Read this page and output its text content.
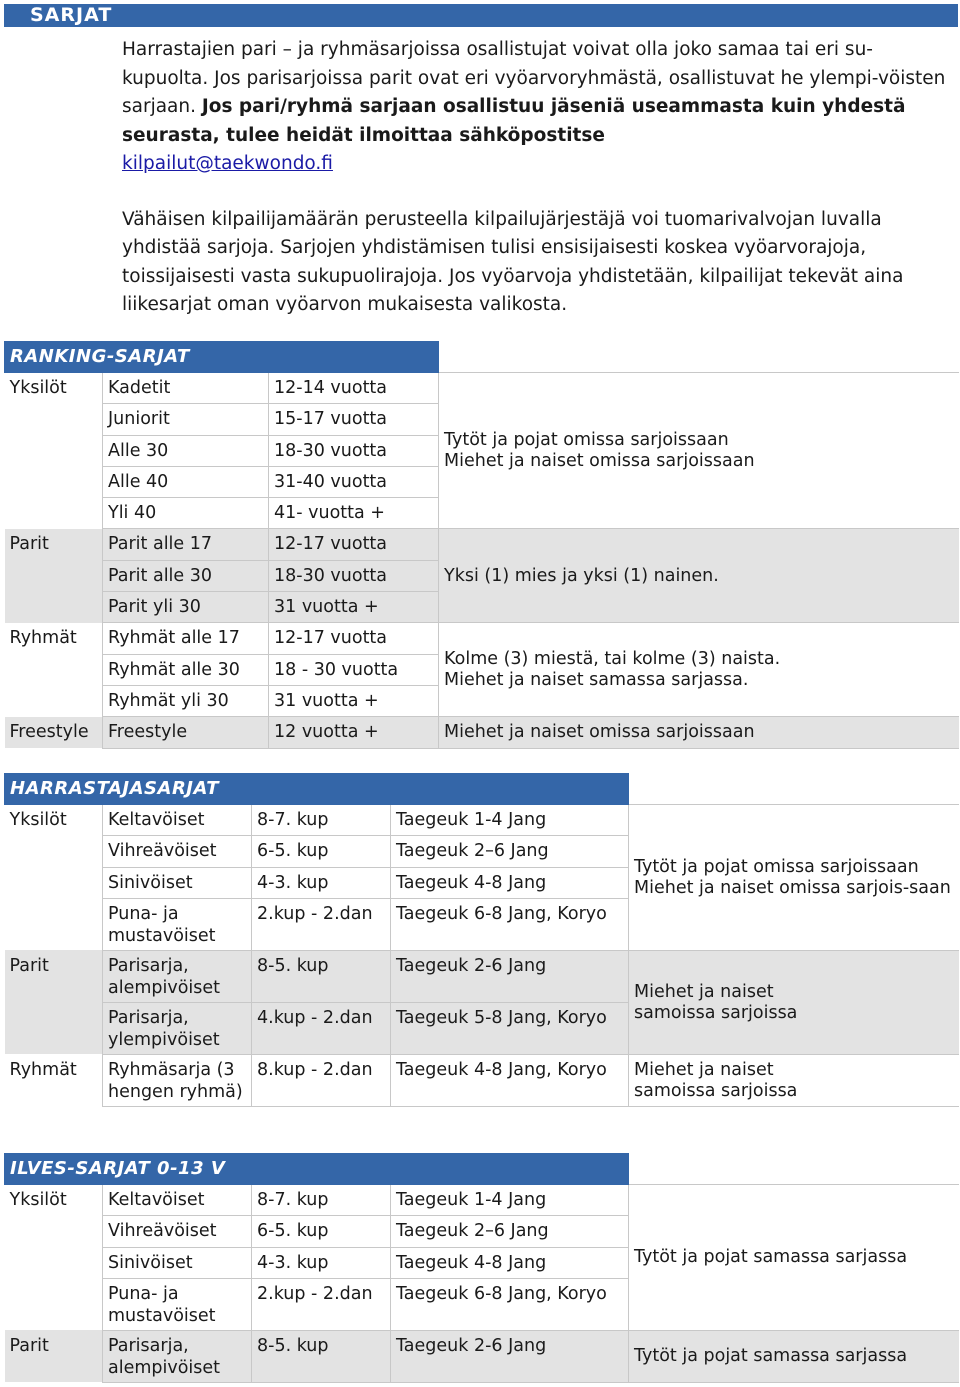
SARJAT

Harrastajien pari – ja ryhmäsarjoissa osallistujat voivat olla joko samaa tai eri su-kupuolta. Jos parisarjoissa parit ovat eri vyöarvoryhmästä, osallistuvat he ylempi-vöisten sarjaan. Jos pari/ryhmä sarjaan osallistuu jäseniä useammasta kuin yhdestä seurasta, tulee heidät ilmoittaa sähköpostitse
kilpailut@taekwondo.fi

Vähäisen kilpailijamäärän perusteella kilpailujärjestäjä voi tuomarivalvojan luvalla yhdistää sarjoja. Sarjojen yhdistämisen tulisi ensisijaisesti koskea vyöarvorajoja, toissijaisesti vasta sukupuolirajoja. Jos vyöarvoja yhdistetään, kilpailijat tekevät aina liikesarjat oman vyöarvon mukaisesta valikosta.

RANKING-SARJAT			
Yksilöt	Kadetit	12-14 vuotta	Tytöt ja pojat omissa sarjoissaan
Miehet ja naiset omissa sarjoissaan
	Juniorit	15-17 vuotta	
	Alle 30	18-30 vuotta	
	Alle 40	31-40 vuotta	
	Yli 40	41- vuotta +	
Parit	Parit alle 17	12-17 vuotta	Yksi (1) mies ja yksi (1) nainen.
	Parit alle 30	18-30 vuotta	
	Parit yli 30	31 vuotta +	
Ryhmät	Ryhmät alle 17	12-17 vuotta	Kolme (3) miestä, tai kolme (3) naista.
Miehet ja naiset samassa sarjassa.
	Ryhmät alle 30	18 - 30 vuotta	
	Ryhmät yli 30	31 vuotta +	
Freestyle	Freestyle	12 vuotta +	Miehet ja naiset omissa sarjoissaan
HARRASTAJASARJAT				
Yksilöt	Keltavöiset	8-7. kup	Taegeuk 1-4 Jang	Tytöt ja pojat omissa sarjoissaan
Miehet ja naiset omissa sarjois-saan
	Vihreävöiset	6-5. kup	Taegeuk 2–6 Jang	
	Sinivöiset	4-3. kup	Taegeuk 4-8 Jang	
	Puna- ja mustavöiset	2.kup - 2.dan	Taegeuk 6-8 Jang, Koryo	
Parit	Parisarja, alempivöiset	8-5. kup	Taegeuk 2-6 Jang	Miehet ja naiset
samoissa sarjoissa
	Parisarja, ylempivöiset	4.kup - 2.dan	Taegeuk 5-8 Jang, Koryo	
Ryhmät	Ryhmäsarja (3 hengen ryhmä)	8.kup - 2.dan	Taegeuk 4-8 Jang, Koryo	Miehet ja naiset
samoissa sarjoissa
ILVES-SARJAT 0-13 V				
Yksilöt	Keltavöiset	8-7. kup	Taegeuk 1-4 Jang	Tytöt ja pojat samassa sarjassa
	Vihreävöiset	6-5. kup	Taegeuk 2–6 Jang	
	Sinivöiset	4-3. kup	Taegeuk 4-8 Jang	
	Puna- ja mustavöiset	2.kup - 2.dan	Taegeuk 6-8 Jang, Koryo	
Parit	Parisarja, alempivöiset	8-5. kup	Taegeuk 2-6 Jang	Tytöt ja pojat samassa sarjassa
